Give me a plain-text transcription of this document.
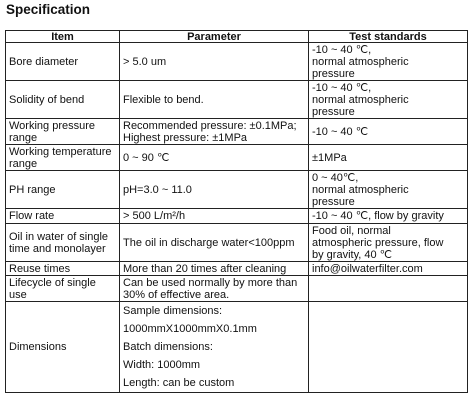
Specification
Item	Parameter	Test standards
Bore diameter	> 5.0 um	-10 ~ 40 ℃,
normal atmospheric
pressure

Solidity of bend	Flexible to bend.	-10 ~ 40 ℃,
normal atmospheric
pressure

Working pressure range	Recommended pressure: ±0.1MPa;
Highest pressure: ±1MPa	-10 ~ 40 ℃

Working temperature range	0 ~ 90 ℃	±1MPa

PH range	pH=3.0 ~ 11.0	0 ~ 40℃,
normal atmospheric
pressure

Flow rate	> 500 L/m²/h	-10 ~ 40 ℃, flow by gravity

Oil in water of single time and monolayer	The oil in discharge water<100ppm	Food oil, normal
atmospheric pressure, flow
by gravity, 40 ℃

Reuse times	More than 20 times after cleaning	info@oilwaterfilter.com

Lifecycle of single use	Can be used normally by more than
30% of effective area.	

Dimensions	Sample dimensions:
1000mmX1000mmX0.1mm
Batch dimensions:
Width: 1000mm
Length: can be custom	
